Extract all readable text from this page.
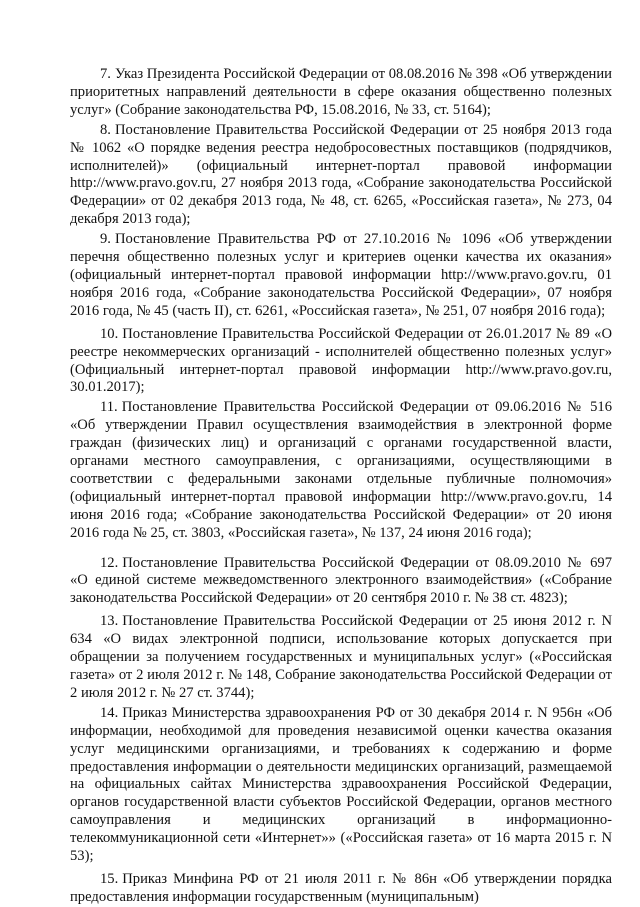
7. Указ Президента Российской Федерации от 08.08.2016 № 398 «Об утверждении приоритетных направлений деятельности в сфере оказания общественно полезных услуг» (Собрание законодательства РФ, 15.08.2016, № 33, ст. 5164);

8. Постановление Правительства Российской Федерации от 25 ноября 2013 года № 1062 «О порядке ведения реестра недобросовестных поставщиков (подрядчиков, исполнителей)» (официальный интернет-портал правовой информации http://www.pravo.gov.ru, 27 ноября 2013 года, «Собрание законодательства Российской Федерации» от 02 декабря 2013 года, № 48, ст. 6265, «Российская газета», № 273, 04 декабря 2013 года);

9. Постановление Правительства РФ от 27.10.2016 № 1096 «Об утверждении перечня общественно полезных услуг и критериев оценки качества их оказания» (официальный интернет-портал правовой информации http://www.pravo.gov.ru, 01 ноября 2016 года, «Собрание законодательства Российской Федерации», 07 ноября 2016 года, № 45 (часть II), ст. 6261, «Российская газета», № 251, 07 ноября 2016 года);

10. Постановление Правительства Российской Федерации от 26.01.2017 № 89 «О реестре некоммерческих организаций - исполнителей общественно полезных услуг» (Официальный интернет-портал правовой информации http://www.pravo.gov.ru, 30.01.2017);

11. Постановление Правительства Российской Федерации от 09.06.2016 № 516 «Об утверждении Правил осуществления взаимодействия в электронной форме граждан (физических лиц) и организаций с органами государственной власти, органами местного самоуправления, с организациями, осуществляющими в соответствии с федеральными законами отдельные публичные полномочия» (официальный интернет-портал правовой информации http://www.pravo.gov.ru, 14 июня 2016 года; «Собрание законодательства Российской Федерации» от 20 июня 2016 года № 25, ст. 3803, «Российская газета», № 137, 24 июня 2016 года);

12. Постановление Правительства Российской Федерации от 08.09.2010 № 697 «О единой системе межведомственного электронного взаимодействия» («Собрание законодательства Российской Федерации» от 20 сентября 2010 г. № 38 ст. 4823);

13. Постановление Правительства Российской Федерации от 25 июня 2012 г. N 634 «О видах электронной подписи, использование которых допускается при обращении за получением государственных и муниципальных услуг» («Российская газета» от 2 июля 2012 г. № 148, Собрание законодательства Российской Федерации от 2 июля 2012 г. № 27 ст. 3744);

14. Приказ Министерства здравоохранения РФ от 30 декабря 2014 г. N 956н «Об информации, необходимой для проведения независимой оценки качества оказания услуг медицинскими организациями, и требованиях к содержанию и форме предоставления информации о деятельности медицинских организаций, размещаемой на официальных сайтах Министерства здравоохранения Российской Федерации, органов государственной власти субъектов Российской Федерации, органов местного самоуправления и медицинских организаций в информационно-телекоммуникационной сети «Интернет»» («Российская газета» от 16 марта 2015 г. N 53);

15. Приказ Минфина РФ от 21 июля 2011 г. № 86н «Об утверждении порядка предоставления информации государственным (муниципальным)
